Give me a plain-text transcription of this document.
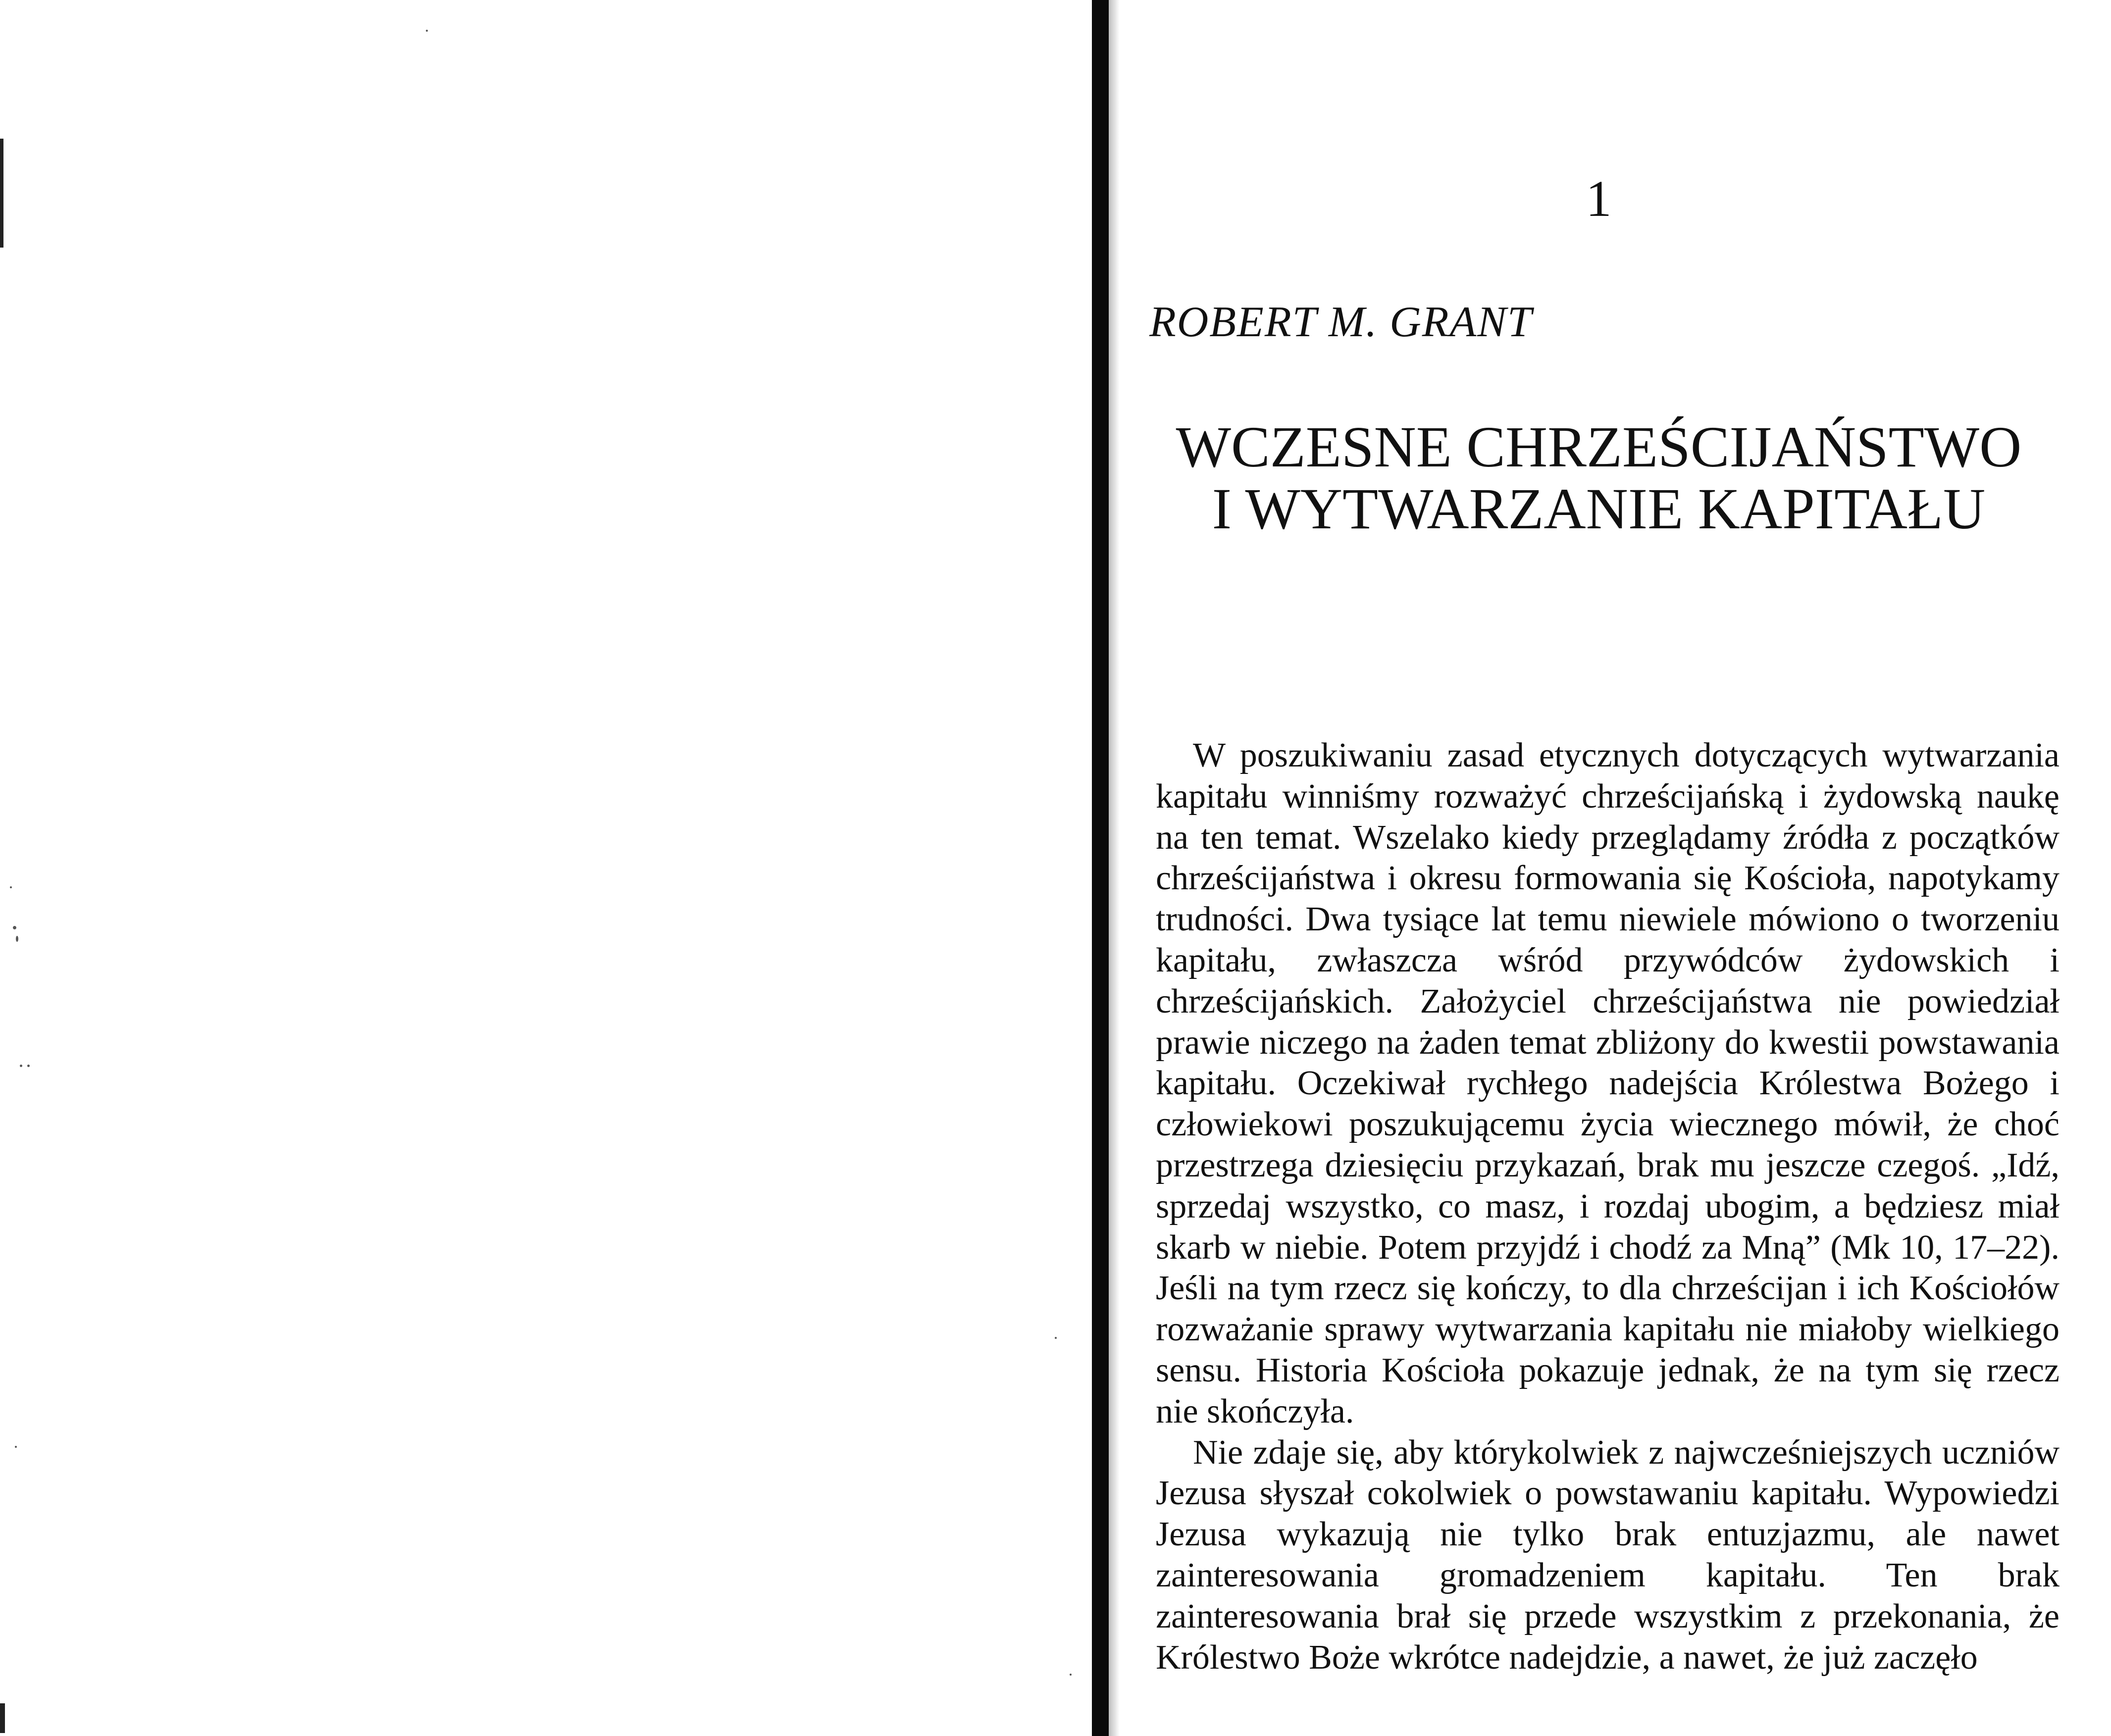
1
ROBERT M. GRANT
WCZESNE CHRZEŚCIJAŃSTWO
I WYTWARZANIE KAPITAŁU

W poszukiwaniu zasad etycznych dotyczących wytwarzania kapitału winniśmy rozważyć chrześcijańską i żydowską naukę na ten temat. Wszelako kiedy przeglądamy źródła z początków chrześcijaństwa i okresu formowania się Kościoła, napotykamy trudności. Dwa tysiące lat temu niewiele mówiono o tworzeniu kapitału, zwłaszcza wśród przywódców żydowskich i chrześcijańskich. Założyciel chrześcijaństwa nie powiedział prawie niczego na żaden temat zbliżony do kwestii powstawania kapitału. Oczekiwał rychłego nadejścia Królestwa Bożego i człowiekowi poszukującemu życia wiecznego mówił, że choć przestrzega dziesięciu przykazań, brak mu jeszcze czegoś. „Idź, sprzedaj wszystko, co masz, i rozdaj ubogim, a będziesz miał skarb w niebie. Potem przyjdź i chodź za Mną” (Mk 10, 17–22). Jeśli na tym rzecz się kończy, to dla chrześcijan i ich Kościołów rozważanie sprawy wytwarzania kapitału nie miałoby wielkiego sensu. Historia Kościoła pokazuje jednak, że na tym się rzecz nie skończyła.

Nie zdaje się, aby którykolwiek z najwcześniejszych uczniów Jezusa słyszał cokolwiek o powstawaniu kapitału. Wypowiedzi Jezusa wykazują nie tylko brak entuzjazmu, ale nawet zainteresowania gromadzeniem kapitału. Ten brak zainteresowania brał się przede wszystkim z przekonania, że Królestwo Boże wkrótce nadejdzie, a nawet, że już zaczęło
